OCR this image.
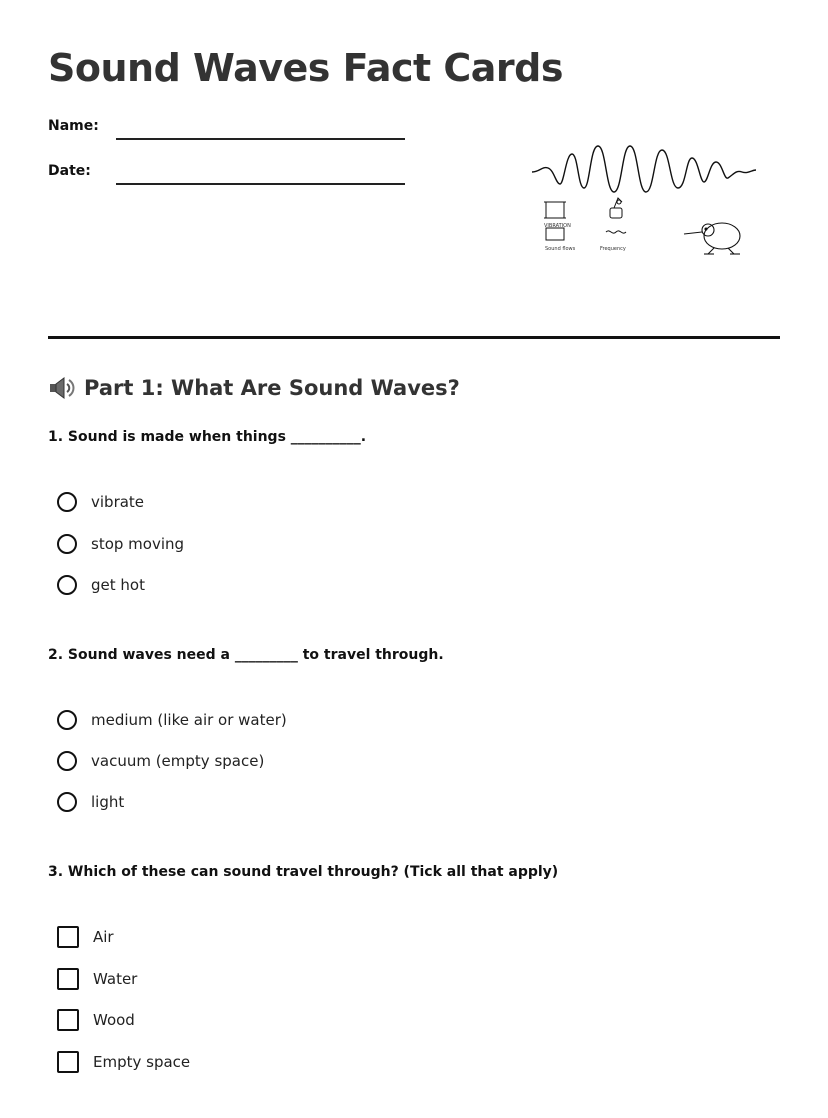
Sound Waves Fact Cards
Name:
Date:
VIBRATION
Sound flows	Frequency
Part 1: What Are Sound Waves?
1. Sound is made when things __________.
vibrate
stop moving
get hot
2. Sound waves need a _________ to travel through.
medium (like air or water)
vacuum (empty space)
light
3. Which of these can sound travel through? (Tick all that apply)
Air
Water
Wood
Empty space
